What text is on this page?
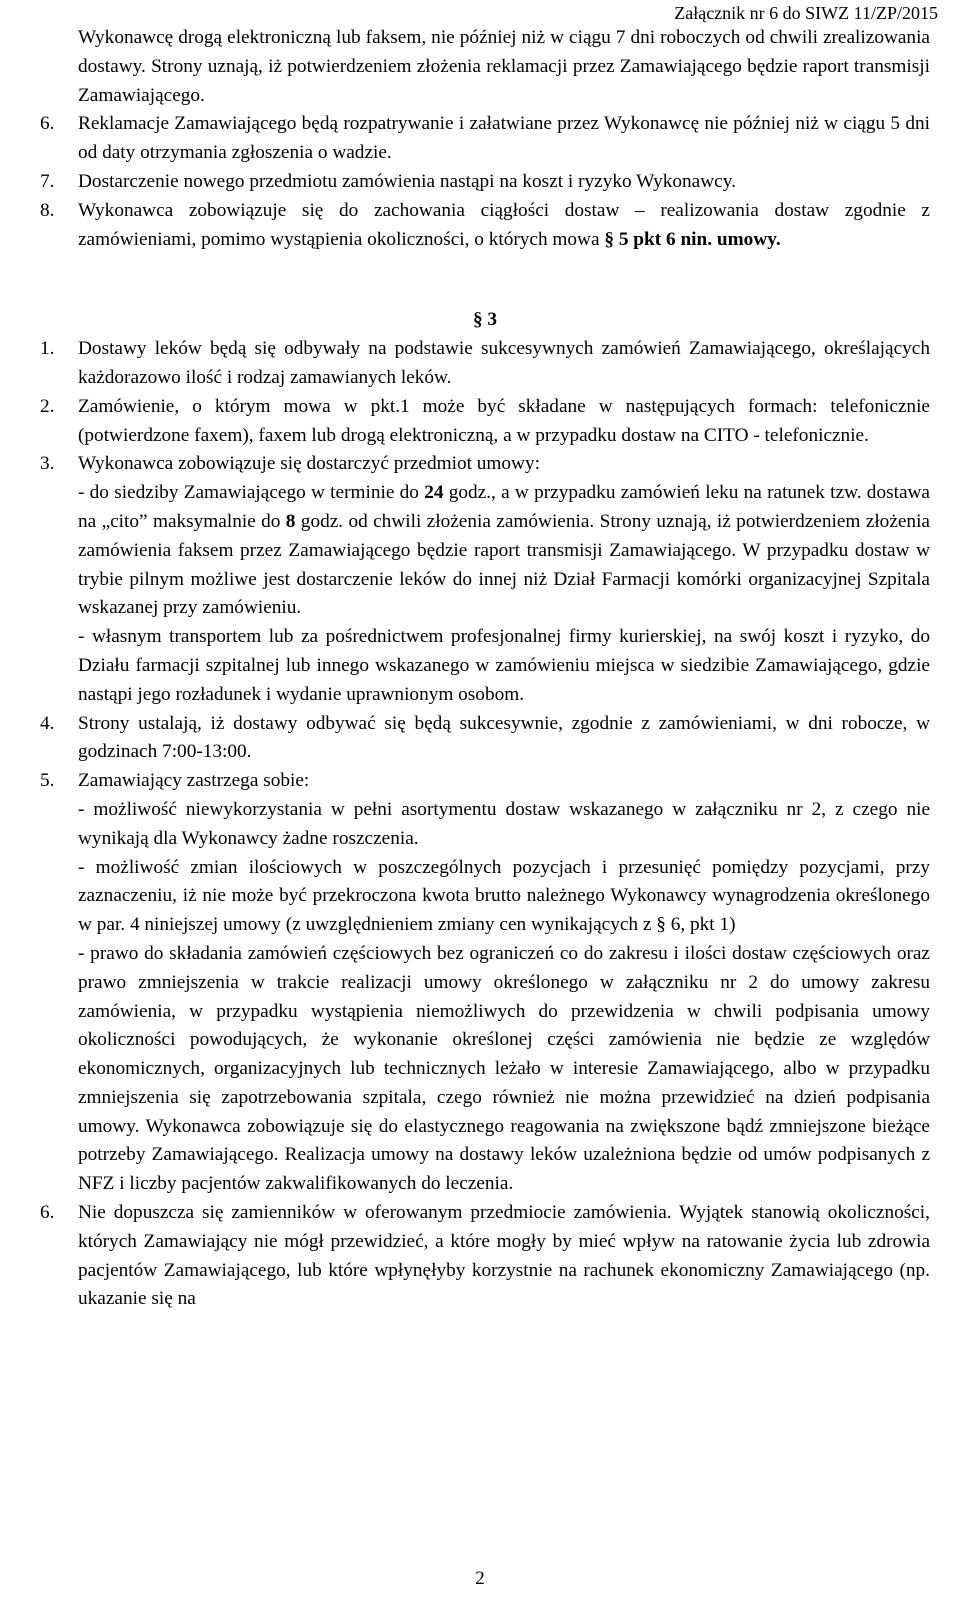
Załącznik nr 6 do SIWZ 11/ZP/2015

Wykonawcę drogą elektroniczną lub faksem, nie później niż w ciągu 7 dni roboczych od chwili zrealizowania dostawy. Strony uznają, iż potwierdzeniem złożenia reklamacji przez Zamawiającego będzie raport transmisji Zamawiającego.

6.	Reklamacje Zamawiającego będą rozpatrywanie i załatwiane przez Wykonawcę nie później niż w ciągu 5 dni od daty otrzymania zgłoszenia o wadzie.
7.	Dostarczenie nowego przedmiotu zamówienia nastąpi na koszt i ryzyko Wykonawcy.
8.	Wykonawca zobowiązuje się do zachowania ciągłości dostaw – realizowania dostaw zgodnie z zamówieniami, pomimo wystąpienia okoliczności, o których mowa § 5 pkt 6 nin. umowy.

§ 3

1.	Dostawy leków będą się odbywały na podstawie sukcesywnych zamówień Zamawiającego, określających każdorazowo ilość i rodzaj zamawianych leków.
2.	Zamówienie, o którym mowa w pkt.1 może być składane w następujących formach: telefonicznie (potwierdzone faxem), faxem lub drogą elektroniczną, a w przypadku dostaw na CITO - telefonicznie.
3.	Wykonawca zobowiązuje się dostarczyć przedmiot umowy:

- do siedziby Zamawiającego w terminie do 24 godz., a w przypadku zamówień leku na ratunek tzw. dostawa na „cito” maksymalnie do 8 godz. od chwili złożenia zamówienia. Strony uznają, iż potwierdzeniem złożenia zamówienia faksem przez Zamawiającego będzie raport transmisji Zamawiającego. W przypadku dostaw w trybie pilnym możliwe jest dostarczenie leków do innej niż Dział Farmacji komórki organizacyjnej Szpitala wskazanej przy zamówieniu.

- własnym transportem lub za pośrednictwem profesjonalnej firmy kurierskiej, na swój koszt i ryzyko, do Działu farmacji szpitalnej lub innego wskazanego w zamówieniu miejsca w siedzibie Zamawiającego, gdzie nastąpi jego rozładunek i wydanie uprawnionym osobom.

4.	Strony ustalają, iż dostawy odbywać się będą sukcesywnie, zgodnie z zamówieniami, w dni robocze, w godzinach 7:00-13:00.
5.	Zamawiający zastrzega sobie:

- możliwość niewykorzystania w pełni asortymentu dostaw wskazanego w załączniku nr 2, z czego nie wynikają dla Wykonawcy żadne roszczenia.

- możliwość zmian ilościowych w poszczególnych pozycjach i przesunięć pomiędzy pozycjami, przy zaznaczeniu, iż nie może być przekroczona kwota brutto należnego Wykonawcy wynagrodzenia określonego w par. 4 niniejszej umowy (z uwzględnieniem zmiany cen wynikających z § 6, pkt 1)

- prawo do składania zamówień częściowych bez ograniczeń co do zakresu i ilości dostaw częściowych oraz prawo zmniejszenia w trakcie realizacji umowy określonego w załączniku nr 2 do umowy zakresu zamówienia, w przypadku wystąpienia niemożliwych do przewidzenia w chwili podpisania umowy okoliczności powodujących, że wykonanie określonej części zamówienia nie będzie ze względów ekonomicznych, organizacyjnych lub technicznych leżało w interesie Zamawiającego, albo w przypadku zmniejszenia się zapotrzebowania szpitala, czego również nie można przewidzieć na dzień podpisania umowy. Wykonawca zobowiązuje się do elastycznego reagowania na zwiększone bądź zmniejszone bieżące potrzeby Zamawiającego. Realizacja umowy na dostawy leków uzależniona będzie od umów podpisanych z NFZ i liczby pacjentów zakwalifikowanych do leczenia.

6.	Nie dopuszcza się zamienników w oferowanym przedmiocie zamówienia. Wyjątek stanowią okoliczności, których Zamawiający nie mógł przewidzieć, a które mogły by mieć wpływ na ratowanie życia lub zdrowia pacjentów Zamawiającego, lub które wpłynęłyby korzystnie na rachunek ekonomiczny Zamawiającego (np. ukazanie się na
2
